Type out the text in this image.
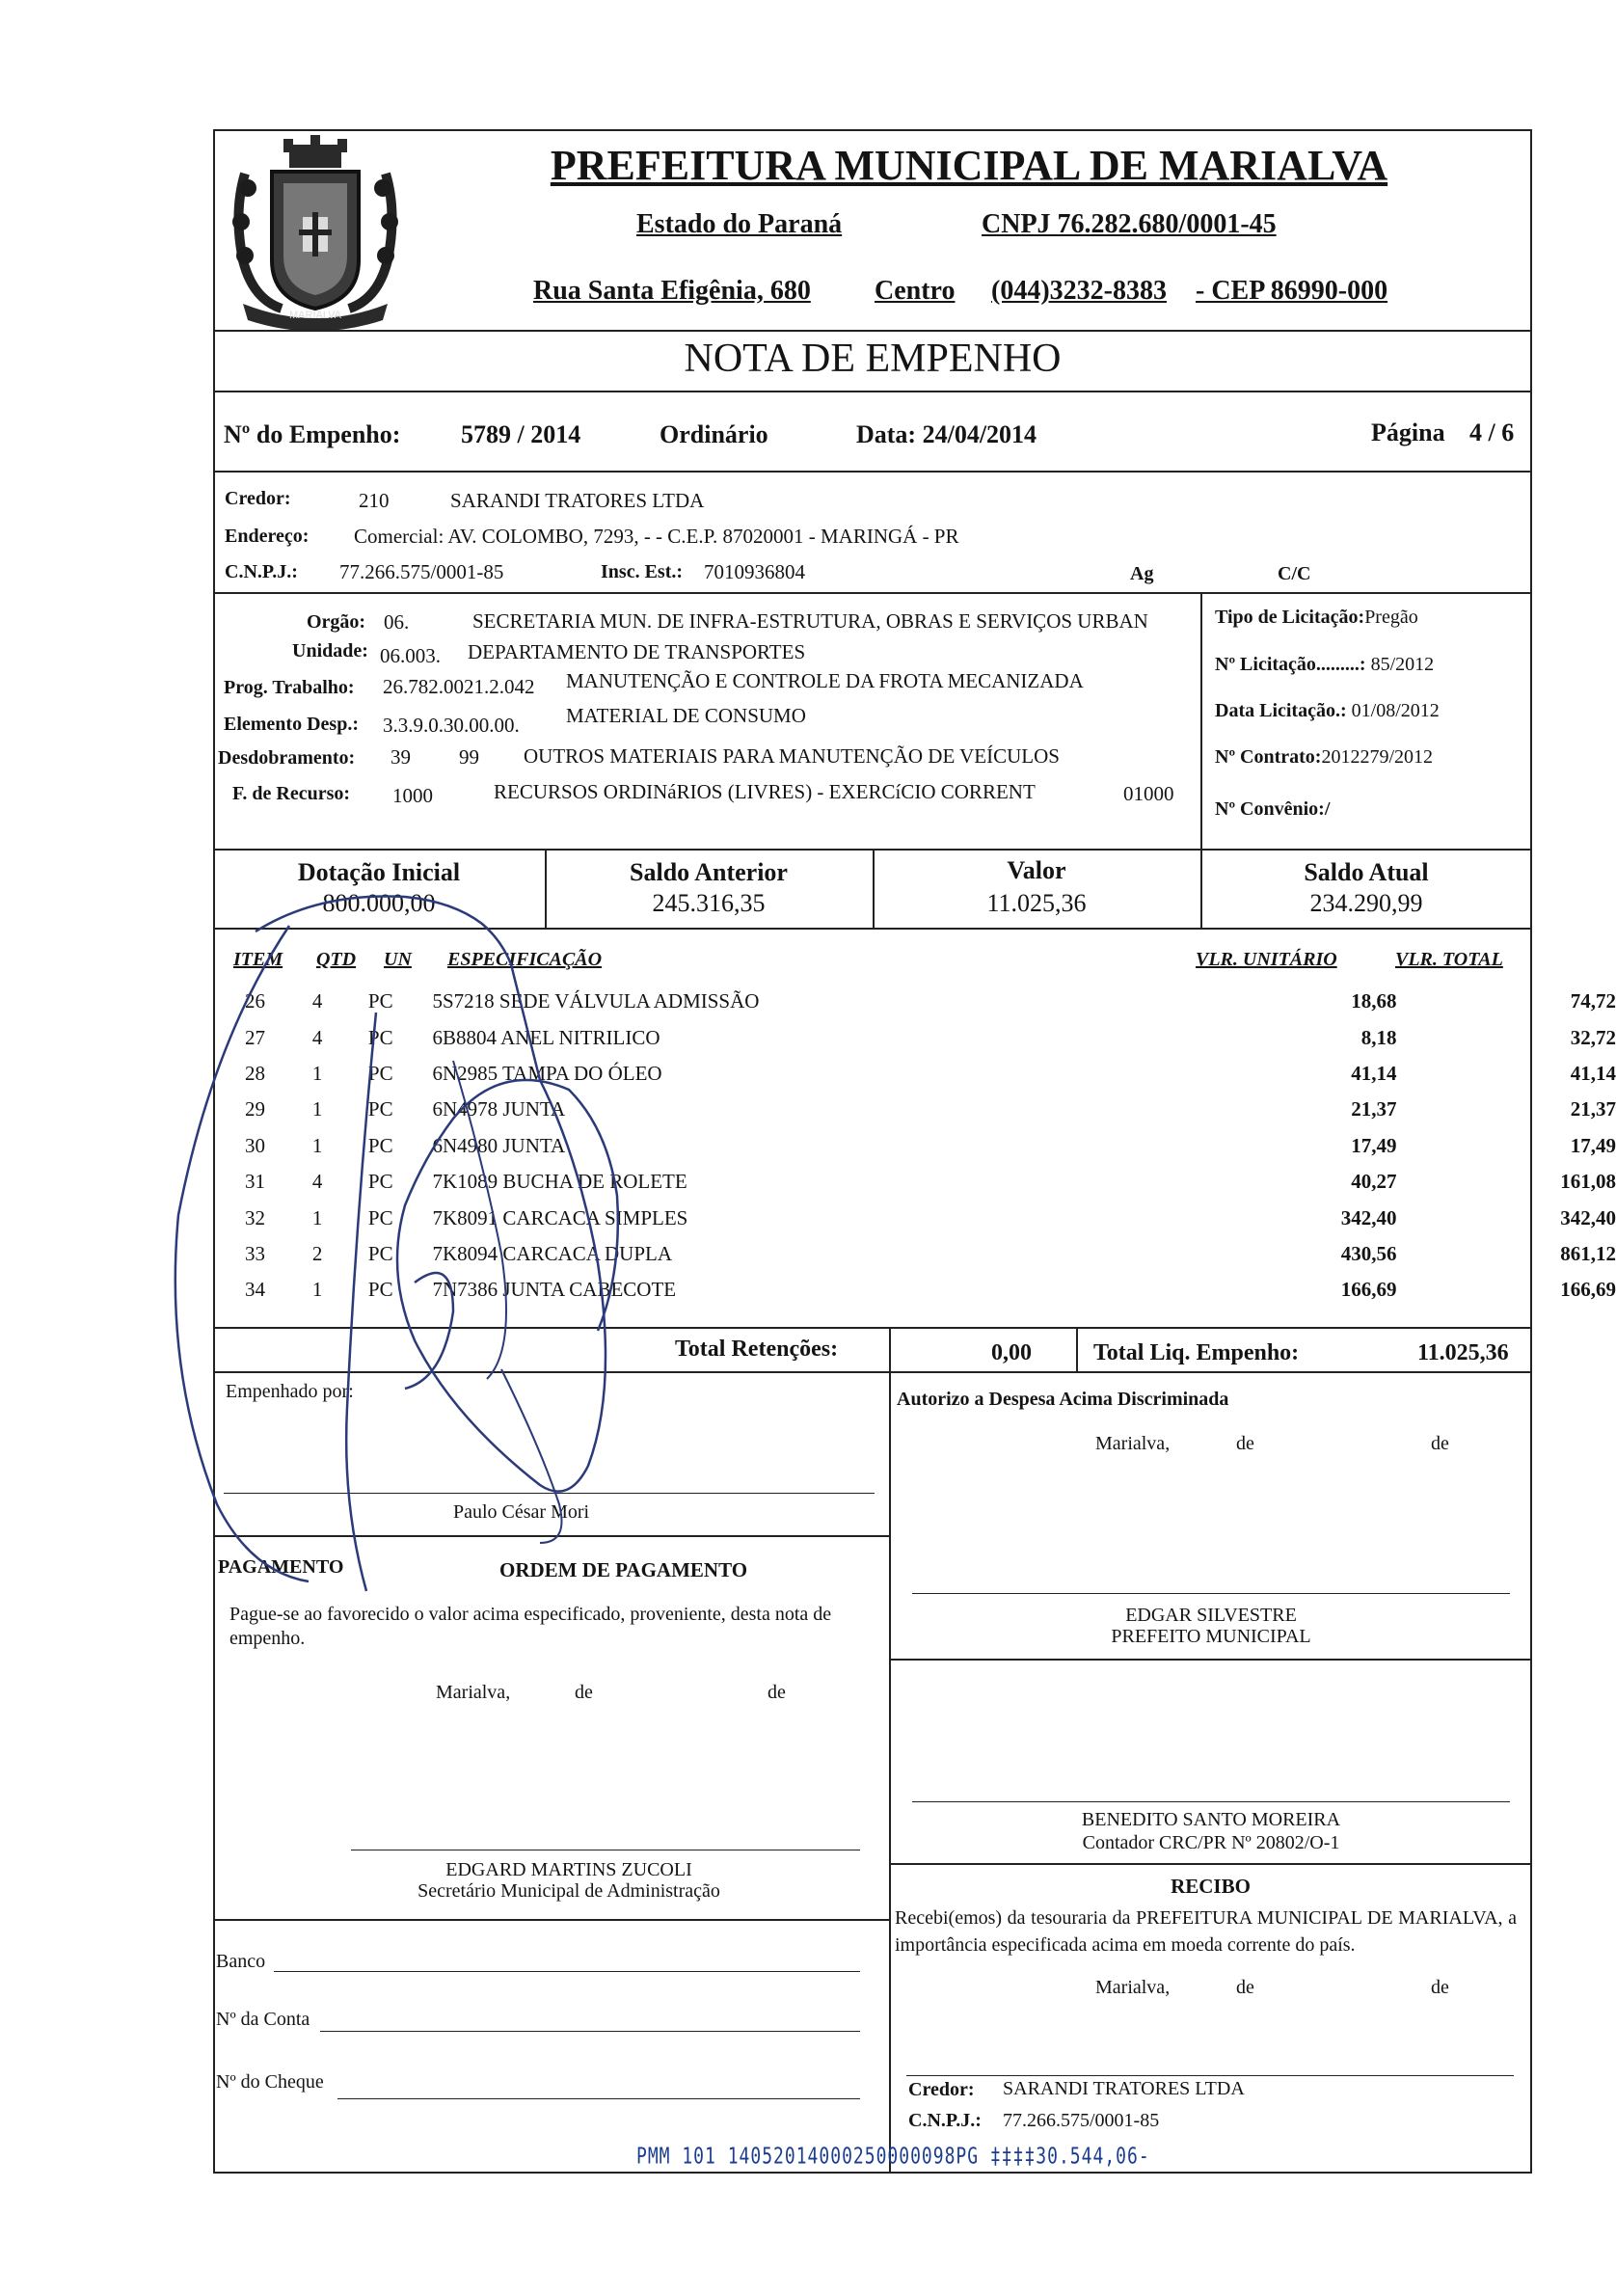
MARIALVA
PREFEITURA MUNICIPAL DE MARIALVA
Estado do Paraná	CNPJ 76.282.680/0001-45
Rua Santa Efigênia, 680 Centro (044)3232-8383 - CEP 86990-000
NOTA DE EMPENHO
Nº do Empenho: 5789 / 2014	Ordinário	Data: 24/04/2014	Página 4 / 6
Credor:	210	SARANDI TRATORES LTDA
Endereço: Comercial: AV. COLOMBO, 7293, - - C.E.P. 87020001 - MARINGÁ - PR
C.N.P.J.: 77.266.575/0001-85	Insc. Est.: 7010936804	Ag	C/C
Orgão: 06.	SECRETARIA MUN. DE INFRA-ESTRUTURA, OBRAS E SERVIÇOS URBAN
Unidade: 06.003. DEPARTAMENTO DE TRANSPORTES
Prog. Trabalho: 26.782.0021.2.042 MANUTENÇÃO E CONTROLE DA FROTA MECANIZADA
Elemento Desp.: 3.3.9.0.30.00.00. MATERIAL DE CONSUMO
Desdobramento: 39 99 OUTROS MATERIAIS PARA MANUTENÇÃO DE VEÍCULOS
F. de Recurso: 1000	RECURSOS ORDINáRIOS (LIVRES) - EXERCíCIO CORRENT	01000
Tipo de Licitação:Pregão
Nº Licitação.........: 85/2012
Data Licitação.: 01/08/2012
Nº Contrato:2012279/2012
Nº Convênio:/
Dotação Inicial
800.000,00
Saldo Anterior
245.316,35
Valor
11.025,36
Saldo Atual
234.290,99
ITEM QTD UN ESPECIFICAÇÃO	VLR. UNITÁRIO	VLR. TOTAL
26	4	PC	5S7218 SEDE VÁLVULA ADMISSÃO	18,68	74,72
27	4	PC	6B8804 ANEL NITRILICO	8,18	32,72
28	1	PC	6N2985 TAMPA DO ÓLEO	41,14	41,14
29	1	PC	6N4978 JUNTA	21,37	21,37
30	1	PC	6N4980 JUNTA	17,49	17,49
31	4	PC	7K1089 BUCHA DE ROLETE	40,27	161,08
32	1	PC	7K8091 CARCACA SIMPLES	342,40	342,40
33	2	PC	7K8094 CARCACA DUPLA	430,56	861,12
34	1	PC	7N7386 JUNTA CABECOTE	166,69	166,69
Total Retenções:	0,00	Total Liq. Empenho:	11.025,36
Empenhado por:
Paulo César Mori
Autorizo a Despesa Acima Discriminada
Marialva,	de	de
EDGAR SILVESTRE
PREFEITO MUNICIPAL
PAGAMENTO	ORDEM DE PAGAMENTO
Pague-se ao favorecido o valor acima especificado, proveniente, desta nota de empenho.
Marialva,	de	de
EDGARD MARTINS ZUCOLI
Secretário Municipal de Administração
Banco
Nº da Conta
Nº do Cheque
BENEDITO SANTO MOREIRA
Contador CRC/PR Nº 20802/O-1
RECIBO
Recebi(emos) da tesouraria da PREFEITURA MUNICIPAL DE MARIALVA, a importância especificada acima em moeda corrente do país.
Marialva,	de	de
Credor: SARANDI TRATORES LTDA
C.N.P.J.: 77.266.575/0001-85
PMM 101 14052014000250000098PG ‡‡‡‡30.544,06-
